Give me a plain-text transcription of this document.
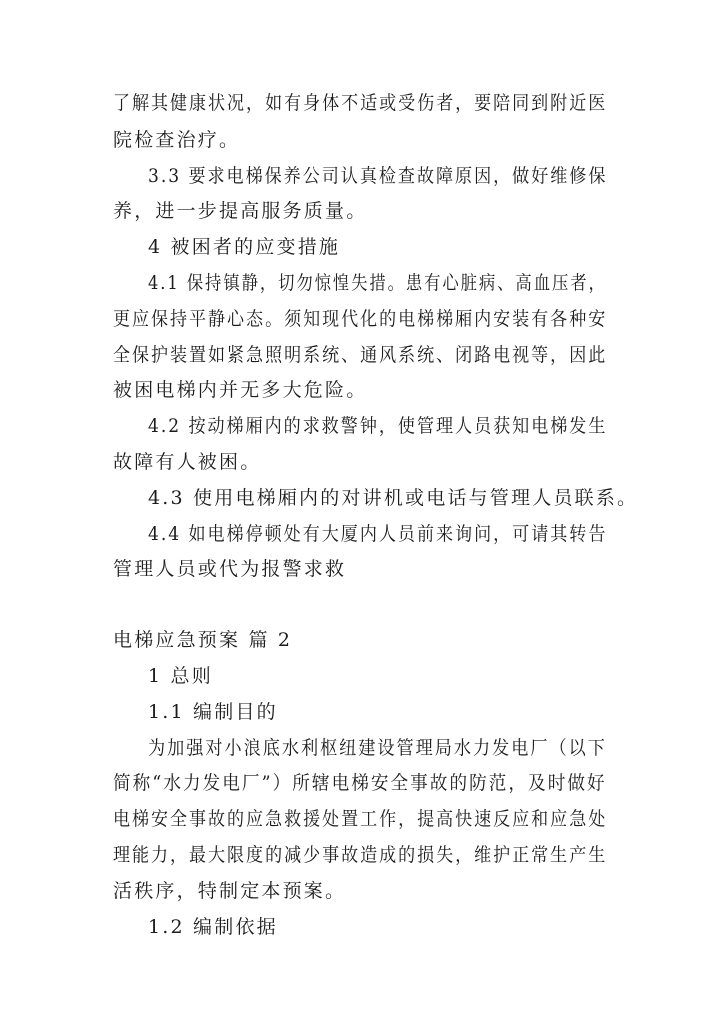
了解其健康状况，如有身体不适或受伤者，要陪同到附近医
院检查治疗。
3.3 要求电梯保养公司认真检查故障原因，做好维修保
养，进一步提高服务质量。
4 被困者的应变措施
4.1 保持镇静，切勿惊惶失措。患有心脏病、高血压者，
更应保持平静心态。须知现代化的电梯梯厢内安装有各种安
全保护装置如紧急照明系统、通风系统、闭路电视等，因此
被困电梯内并无多大危险。
4.2 按动梯厢内的求救警钟，使管理人员获知电梯发生
故障有人被困。
4.3 使用电梯厢内的对讲机或电话与管理人员联系。
4.4 如电梯停顿处有大厦内人员前来询问，可请其转告
管理人员或代为报警求救
电梯应急预案 篇 2
1 总则
1.1 编制目的
为加强对小浪底水利枢纽建设管理局水力发电厂（以下
简称“水力发电厂”）所辖电梯安全事故的防范，及时做好
电梯安全事故的应急救援处置工作，提高快速反应和应急处
理能力，最大限度的减少事故造成的损失，维护正常生产生
活秩序，特制定本预案。
1.2 编制依据
